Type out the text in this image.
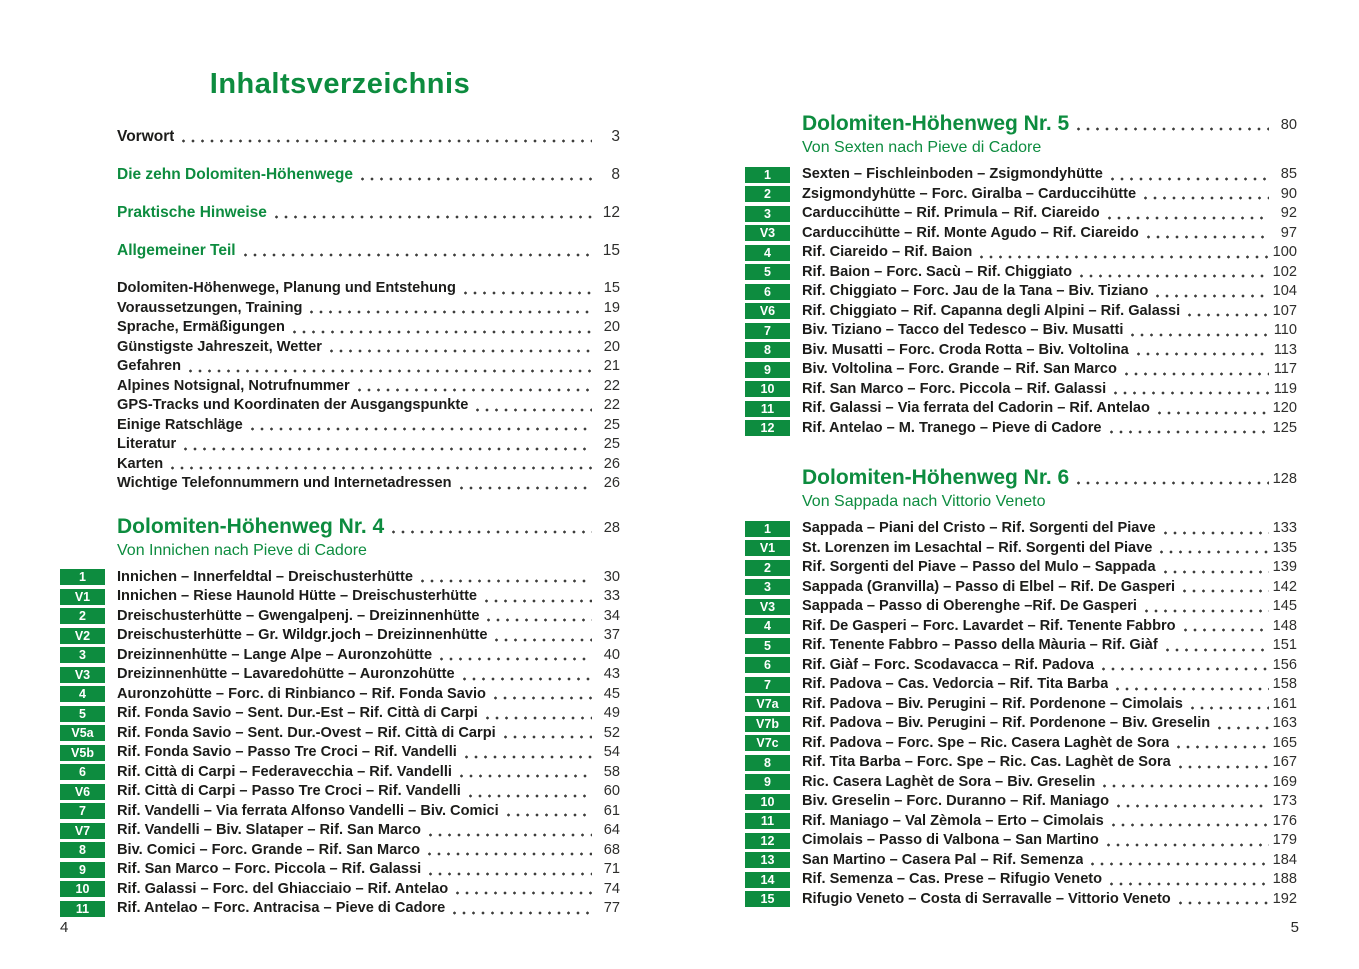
Inhaltsverzeichnis
Vorwort	3
Die zehn Dolomiten-Höhenwege	8
Praktische Hinweise	12
Allgemeiner Teil	15
Dolomiten-Höhenwege, Planung und Entstehung	15
Voraussetzungen, Training	19
Sprache, Ermäßigungen	20
Günstigste Jahreszeit, Wetter	20
Gefahren	21
Alpines Notsignal, Notrufnummer	22
GPS-Tracks und Koordinaten der Ausgangspunkte	22
Einige Ratschläge	25
Literatur	25
Karten	26
Wichtige Telefonnummern und Internetadressen	26
Dolomiten-Höhenweg Nr. 4	28
Von Innichen nach Pieve di Cadore
1	Innichen – Innerfeldtal – Dreischusterhütte	30
V1	Innichen – Riese Haunold Hütte – Dreischusterhütte	33
2	Dreischusterhütte – Gwengalpenj. – Dreizinnenhütte	34
V2	Dreischusterhütte – Gr. Wildgr.joch – Dreizinnenhütte	37
3	Dreizinnenhütte – Lange Alpe – Auronzohütte	40
V3	Dreizinnenhütte – Lavaredohütte – Auronzohütte	43
4	Auronzohütte – Forc. di Rinbianco – Rif. Fonda Savio	45
5	Rif. Fonda Savio – Sent. Dur.-Est – Rif. Città di Carpi	49
V5a	Rif. Fonda Savio – Sent. Dur.-Ovest – Rif. Città di Carpi	52
V5b	Rif. Fonda Savio – Passo Tre Croci – Rif. Vandelli	54
6	Rif. Città di Carpi – Federavecchia – Rif. Vandelli	58
V6	Rif. Città di Carpi – Passo Tre Croci – Rif. Vandelli	60
7	Rif. Vandelli – Via ferrata Alfonso Vandelli – Biv. Comici	61
V7	Rif. Vandelli – Biv. Slataper – Rif. San Marco	64
8	Biv. Comici – Forc. Grande – Rif. San Marco	68
9	Rif. San Marco – Forc. Piccola – Rif. Galassi	71
10	Rif. Galassi – Forc. del Ghiacciaio – Rif. Antelao	74
11	Rif. Antelao – Forc. Antracisa – Pieve di Cadore	77
Dolomiten-Höhenweg Nr. 5	80
Von Sexten nach Pieve di Cadore
1	Sexten – Fischleinboden – Zsigmondyhütte	85
2	Zsigmondyhütte – Forc. Giralba – Carduccihütte	90
3	Carduccihütte – Rif. Primula – Rif. Ciareido	92
V3	Carduccihütte – Rif. Monte Agudo – Rif. Ciareido	97
4	Rif. Ciareido – Rif. Baion	100
5	Rif. Baion – Forc. Sacù – Rif. Chiggiato	102
6	Rif. Chiggiato – Forc. Jau de la Tana – Biv. Tiziano	104
V6	Rif. Chiggiato – Rif. Capanna degli Alpini – Rif. Galassi	107
7	Biv. Tiziano – Tacco del Tedesco – Biv. Musatti	110
8	Biv. Musatti – Forc. Croda Rotta – Biv. Voltolina	113
9	Biv. Voltolina – Forc. Grande – Rif. San Marco	117
10	Rif. San Marco – Forc. Piccola – Rif. Galassi	119
11	Rif. Galassi – Via ferrata del Cadorin – Rif. Antelao	120
12	Rif. Antelao – M. Tranego – Pieve di Cadore	125
Dolomiten-Höhenweg Nr. 6	128
Von Sappada nach Vittorio Veneto
1	Sappada – Piani del Cristo – Rif. Sorgenti del Piave	133
V1	St. Lorenzen im Lesachtal – Rif. Sorgenti del Piave	135
2	Rif. Sorgenti del Piave – Passo del Mulo – Sappada	139
3	Sappada (Granvilla) – Passo di Elbel – Rif. De Gasperi	142
V3	Sappada – Passo di Oberenghe –Rif. De Gasperi	145
4	Rif. De Gasperi – Forc. Lavardet – Rif. Tenente Fabbro	148
5	Rif. Tenente Fabbro – Passo della Màuria – Rif. Giàf	151
6	Rif. Giàf – Forc. Scodavacca – Rif. Padova	156
7	Rif. Padova – Cas. Vedorcia – Rif. Tita Barba	158
V7a	Rif. Padova – Biv. Perugini – Rif. Pordenone – Cimolais	161
V7b	Rif. Padova – Biv. Perugini – Rif. Pordenone – Biv. Greselin	163
V7c	Rif. Padova – Forc. Spe – Ric. Casera Laghèt de Sora	165
8	Rif. Tita Barba – Forc. Spe – Ric. Cas. Laghèt de Sora	167
9	Ric. Casera Laghèt de Sora – Biv. Greselin	169
10	Biv. Greselin – Forc. Duranno – Rif. Maniago	173
11	Rif. Maniago – Val Zèmola – Erto – Cimolais	176
12	Cimolais – Passo di Valbona – San Martino	179
13	San Martino – Casera Pal – Rif. Semenza	184
14	Rif. Semenza – Cas. Prese – Rifugio Veneto	188
15	Rifugio Veneto – Costa di Serravalle – Vittorio Veneto	192
4	5
